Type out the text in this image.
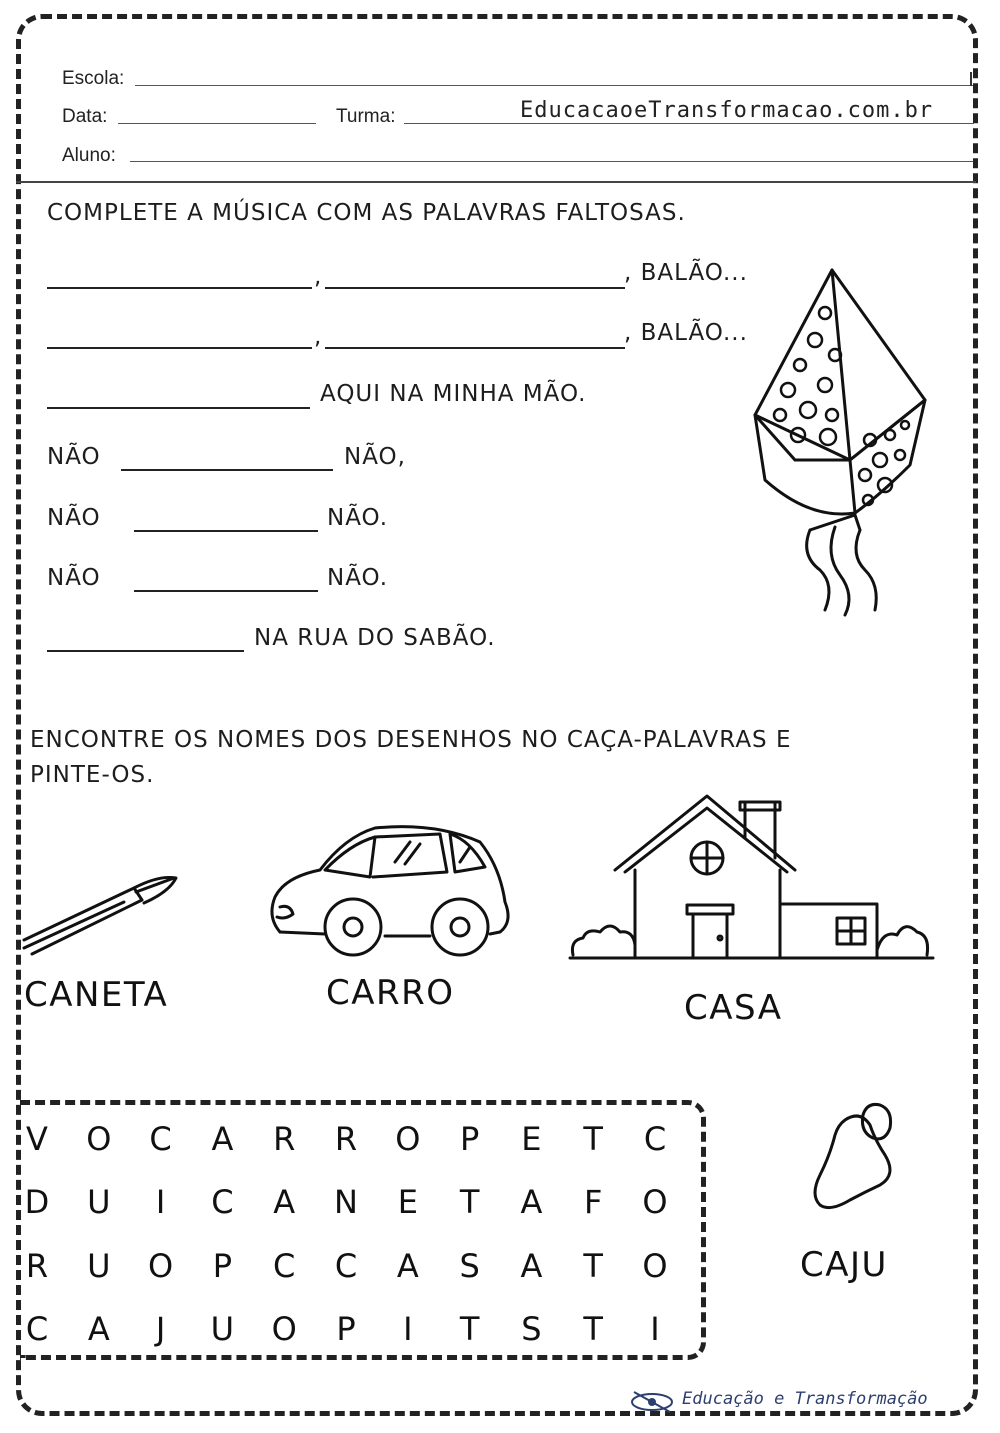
Escola:
Data:	Turma:	EducacaoeTransformacao.com.br
Aluno:
COMPLETE A MÚSICA COM AS PALAVRAS FALTOSAS.
,	, BALÃO...
,	, BALÃO...
AQUI NA MINHA MÃO.
NÃO	NÃO,
NÃO	NÃO.
NÃO	NÃO.
NA RUA DO SABÃO.
ENCONTRE OS NOMES DOS DESENHOS NO CAÇA-PALAVRAS E
PINTE-OS.
CANETA	CARRO	CASA
CAJU
V	O	C	A	R	R	O	P	E	T	C
D	U	I	C	A	N	E	T	A	F	O
R	U	O	P	C	C	A	S	A	T	O
C	A	J	U	O	P	I	T	S	T	I
Educação e Transformação
